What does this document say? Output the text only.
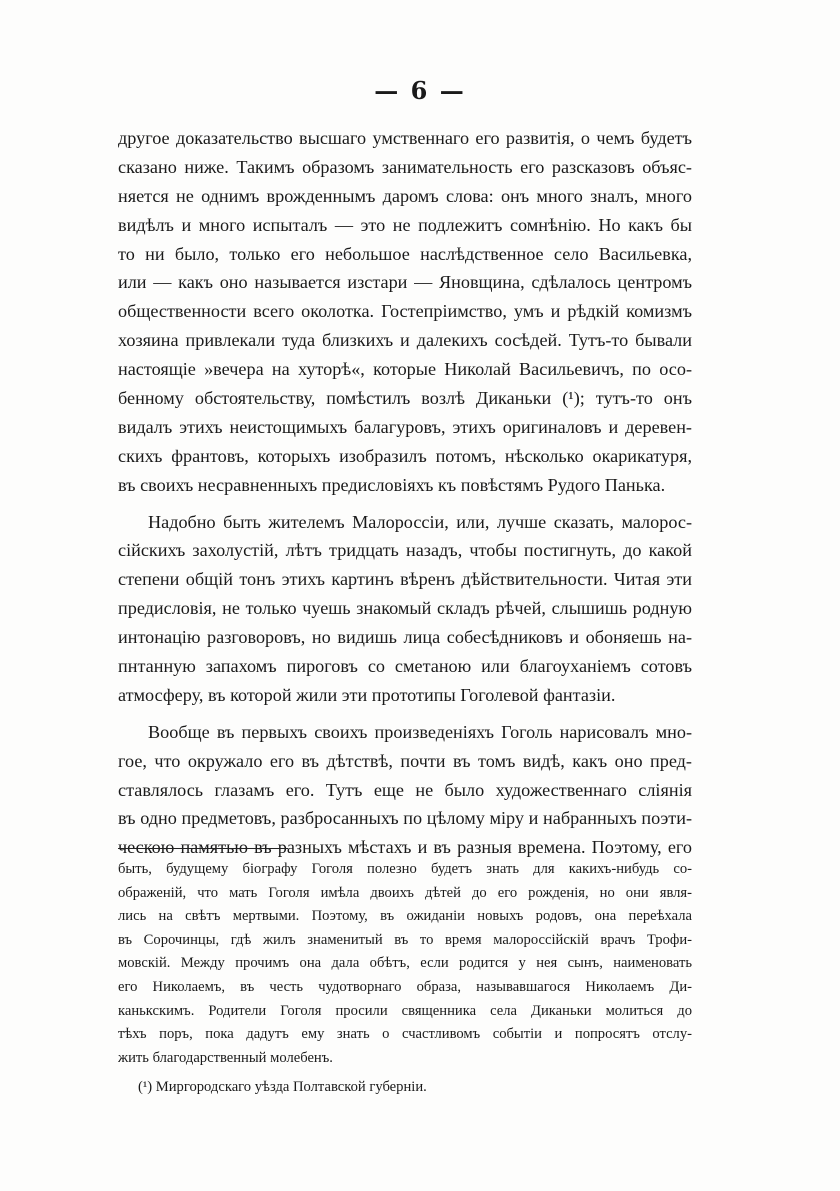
— 6 —
другое доказательство высшаго умственнаго его развитія, о чемъ будетъ
сказано ниже. Такимъ образомъ занимательность его разсказовъ объяс-
няется не однимъ врожденнымъ даромъ слова: онъ много зналъ, много
видѣлъ и много испыталъ — это не подлежитъ сомнѣнію. Но какъ бы
то ни было, только его небольшое наслѣдственное село Васильевка,
или — какъ оно называется изстари — Яновщина, сдѣлалось центромъ
общественности всего околотка. Гостепріимство, умъ и рѣдкій комизмъ
хозяина привлекали туда близкихъ и далекихъ сосѣдей. Тутъ-то бывали
настоящіе »вечера на хуторѣ«, которые Николай Васильевичъ, по осо-
бенному обстоятельству, помѣстилъ возлѣ Диканьки (¹); тутъ-то онъ
видалъ этихъ неистощимыхъ балагуровъ, этихъ оригиналовъ и деревен-
скихъ франтовъ, которыхъ изобразилъ потомъ, нѣсколько окарикатуря,
въ своихъ несравненныхъ предисловіяхъ къ повѣстямъ Рудого Панька.
Надобно быть жителемъ Малороссіи, или, лучше сказать, малорос-
сійскихъ захолустій, лѣтъ тридцать назадъ, чтобы постигнуть, до какой
степени общій тонъ этихъ картинъ вѣренъ дѣйствительности. Читая эти
предисловія, не только чуешь знакомый складъ рѣчей, слышишь родную
интонацію разговоровъ, но видишь лица собесѣдниковъ и обоняешь на-
пнтанную запахомъ пироговъ со сметаною или благоуханіемъ сотовъ
атмосферу, въ которой жили эти прототипы Гоголевой фантазіи.
Вообще въ первыхъ своихъ произведеніяхъ Гоголь нарисовалъ мно-
гое, что окружало его въ дѣтствѣ, почти въ томъ видѣ, какъ оно пред-
ставлялось глазамъ его. Тутъ еще не было художественнаго слiянія
въ одно предметовъ, разбросанныхъ по цѣлому міру и набранныхъ поэти-
ческою памятью въ разныхъ мѣстахъ и въ разныя времена. Поэтому, его
быть, будущему біографу Гоголя полезно будетъ знать для какихъ-нибудь со-
ображеній, что мать Гоголя имѣла двоихъ дѣтей до его рожденія, но они явля-
лись на свѣтъ мертвыми. Поэтому, въ ожиданіи новыхъ родовъ, она переѣхала
въ Сорочинцы, гдѣ жилъ знаменитый въ то время малороссійскій врачъ Трофи-
мовскій. Между прочимъ она дала обѣтъ, если родится у нея сынъ, наименовать
его Николаемъ, въ честь чудотворнаго образа, называвшагося Николаемъ Ди-
канькскимъ. Родители Гоголя просили священника села Диканьки молиться до
тѣхъ поръ, пока дадутъ ему знать о счастливомъ событіи и попросятъ отслу-
жить благодарственный молебенъ.
(¹) Миргородскаго уѣзда Полтавской губерніи.
